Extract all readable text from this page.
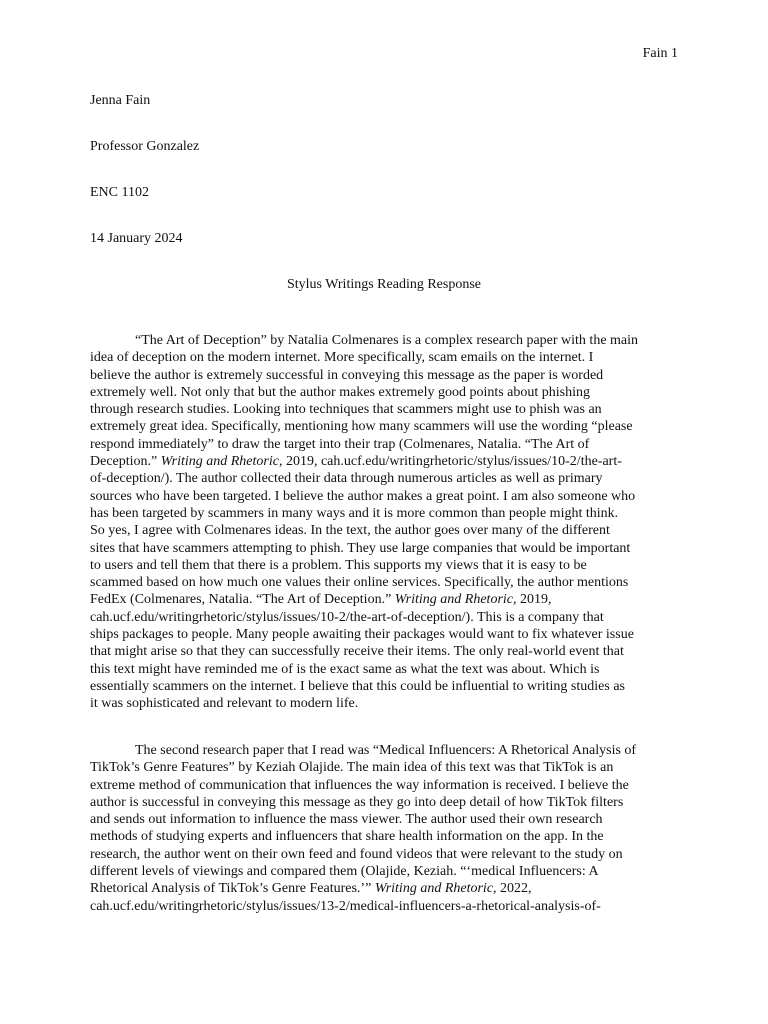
Fain 1
Jenna Fain
Professor Gonzalez
ENC 1102
14 January 2024
Stylus Writings Reading Response

“The Art of Deception” by Natalia Colmenares is a complex research paper with the main
idea of deception on the modern internet. More specifically, scam emails on the internet. I
believe the author is extremely successful in conveying this message as the paper is worded
extremely well. Not only that but the author makes extremely good points about phishing
through research studies. Looking into techniques that scammers might use to phish was an
extremely great idea. Specifically, mentioning how many scammers will use the wording “please
respond immediately” to draw the target into their trap (Colmenares, Natalia. “The Art of
Deception.” Writing and Rhetoric, 2019, cah.ucf.edu/writingrhetoric/stylus/issues/10-2/the-art-
of-deception/). The author collected their data through numerous articles as well as primary
sources who have been targeted. I believe the author makes a great point. I am also someone who
has been targeted by scammers in many ways and it is more common than people might think.
So yes, I agree with Colmenares ideas. In the text, the author goes over many of the different
sites that have scammers attempting to phish. They use large companies that would be important
to users and tell them that there is a problem. This supports my views that it is easy to be
scammed based on how much one values their online services. Specifically, the author mentions
FedEx (Colmenares, Natalia. “The Art of Deception.” Writing and Rhetoric, 2019,
cah.ucf.edu/writingrhetoric/stylus/issues/10-2/the-art-of-deception/). This is a company that
ships packages to people. Many people awaiting their packages would want to fix whatever issue
that might arise so that they can successfully receive their items. The only real-world event that
this text might have reminded me of is the exact same as what the text was about. Which is
essentially scammers on the internet. I believe that this could be influential to writing studies as
it was sophisticated and relevant to modern life.

The second research paper that I read was “Medical Influencers: A Rhetorical Analysis of
TikTok’s Genre Features” by Keziah Olajide. The main idea of this text was that TikTok is an
extreme method of communication that influences the way information is received. I believe the
author is successful in conveying this message as they go into deep detail of how TikTok filters
and sends out information to influence the mass viewer. The author used their own research
methods of studying experts and influencers that share health information on the app. In the
research, the author went on their own feed and found videos that were relevant to the study on
different levels of viewings and compared them (Olajide, Keziah. “‘medical Influencers: A
Rhetorical Analysis of TikTok’s Genre Features.’” Writing and Rhetoric, 2022,
cah.ucf.edu/writingrhetoric/stylus/issues/13-2/medical-influencers-a-rhetorical-analysis-of-
